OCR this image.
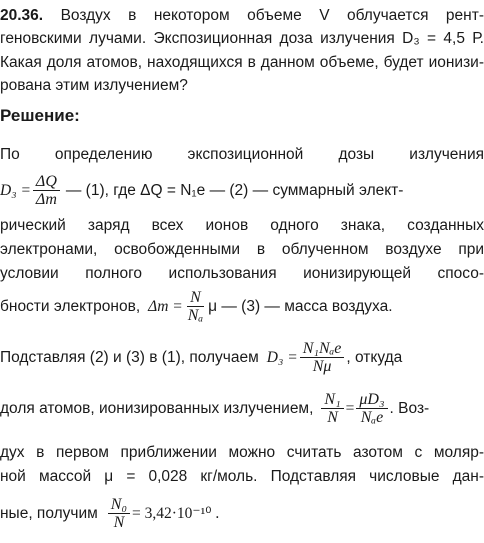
20.36. Воздух в некотором объеме V облучается рент-
геновскими лучами. Экспозиционная доза излучения D₃ = 4,5 Р.
Какая доля атомов, находящихся в данном объеме, будет ионизи-
рована этим излучением?
Решение:
По определению экспозиционной дозы излучения
$D_3 = \frac{\Delta Q}{\Delta m}$ — (1), где ΔQ = N₁e — (2) — суммарный элект-
рический заряд всех ионов одного знака, созданных
электронами, освобожденными в облученном воздухе при
условии полного использования ионизирующей спосо-
бности электронов, $\Delta m = \frac{N}{\text{Nₐ}}$ μ — (3) — масса воздуха.
Подставляя (2) и (3) в (1), получаем $D_3 = \frac{\text{N₁Nₐe}}{N\mu}$ , откуда
доля атомов, ионизированных излучением, $\frac{\text{N₁}}{N} = \frac{\text{μD₃}}{\text{Nₐe}}$ . Воз-
дух в первом приближении можно считать азотом с моляр-
ной массой μ = 0,028 кг/моль. Подставляя числовые дан-
ные, получим $\frac{\text{N₀}}{N} = 3,42\cdot 10^{-10}$ .
